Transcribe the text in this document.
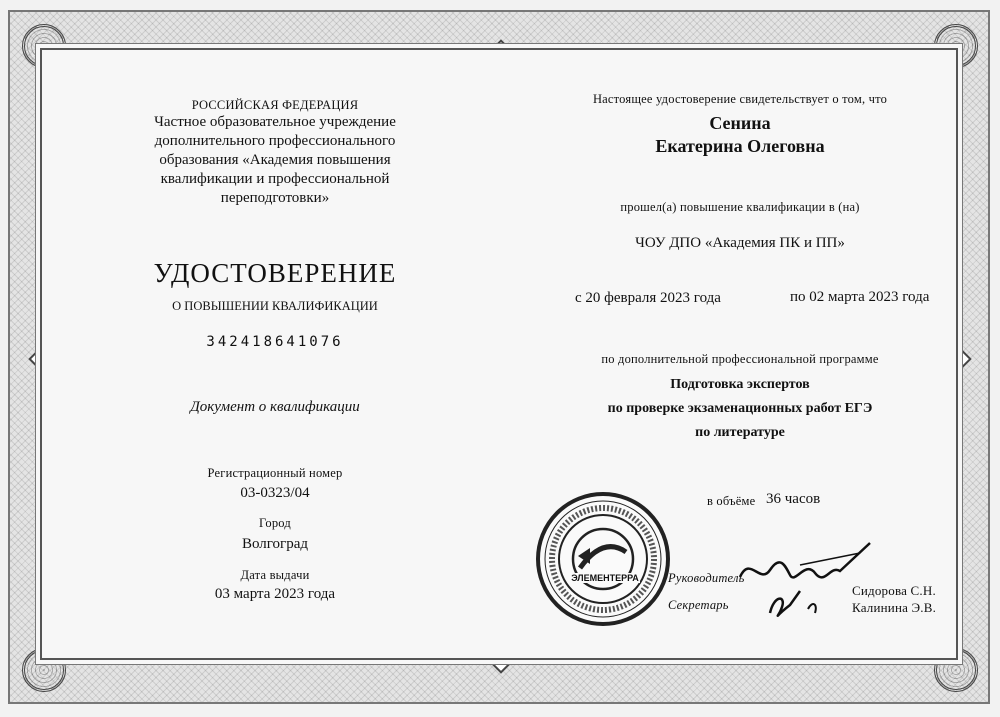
РОССИЙСКАЯ ФЕДЕРАЦИЯ
Частное образовательное учреждение
дополнительного профессионального
образования «Академия повышения
квалификации и профессиональной
переподготовки»
УДОСТОВЕРЕНИЕ
О ПОВЫШЕНИИ КВАЛИФИКАЦИИ
342418641076
Документ о квалификации
Регистрационный номер
03-0323/04
Город
Волгоград
Дата выдачи
03 марта 2023 года
Настоящее удостоверение свидетельствует о том, что
Сенина
Екатерина Олеговна
прошел(а) повышение квалификации в (на)
ЧОУ ДПО «Академия ПК и ПП»
с 20 февраля 2023 года	по 02 марта 2023 года
по дополнительной профессиональной программе
Подготовка экспертов
по проверке экзаменационных работ ЕГЭ
по литературе
в объёме 36 часов
ЭЛЕМЕНТЕРРА Руководитель
Секретарь
Сидорова С.Н.
Калинина Э.В.
